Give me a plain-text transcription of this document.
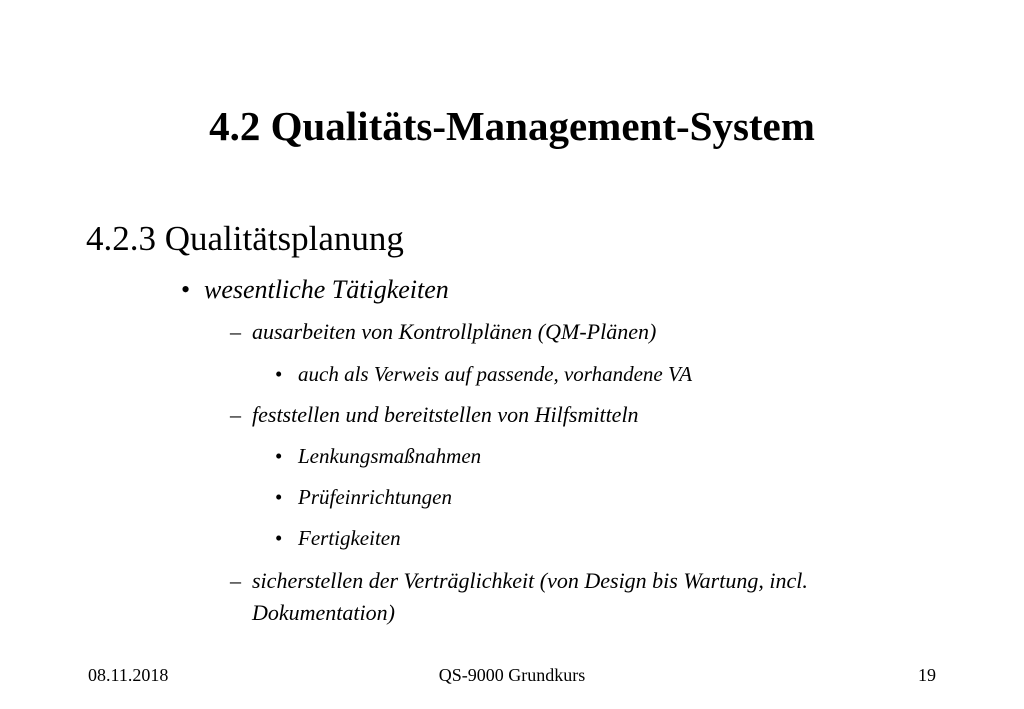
4.2 Qualitäts-Management-System
4.2.3 Qualitätsplanung
• wesentliche Tätigkeiten
– ausarbeiten von Kontrollplänen (QM-Plänen)
• auch als Verweis auf passende, vorhandene VA
– feststellen und bereitstellen von Hilfsmitteln
• Lenkungsmaßnahmen
• Prüfeinrichtungen
• Fertigkeiten
– sicherstellen der Verträglichkeit (von Design bis Wartung, incl.
Dokumentation)
08.11.2018	QS-9000 Grundkurs	19
